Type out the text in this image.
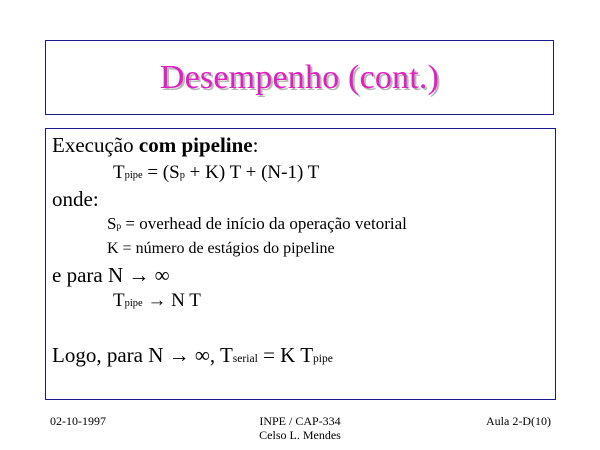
Desempenho (cont.)
Execução com pipeline:
Tpipe = (Sp + K) T + (N-1) T
onde:
Sp = overhead de início da operação vetorial
K = número de estágios do pipeline
e para N → ∞
Tpipe → N T
Logo, para N → ∞, Tserial = K Tpipe
02-10-1997	INPE / CAP-334
Celso L. Mendes
Aula 2-D(10)
